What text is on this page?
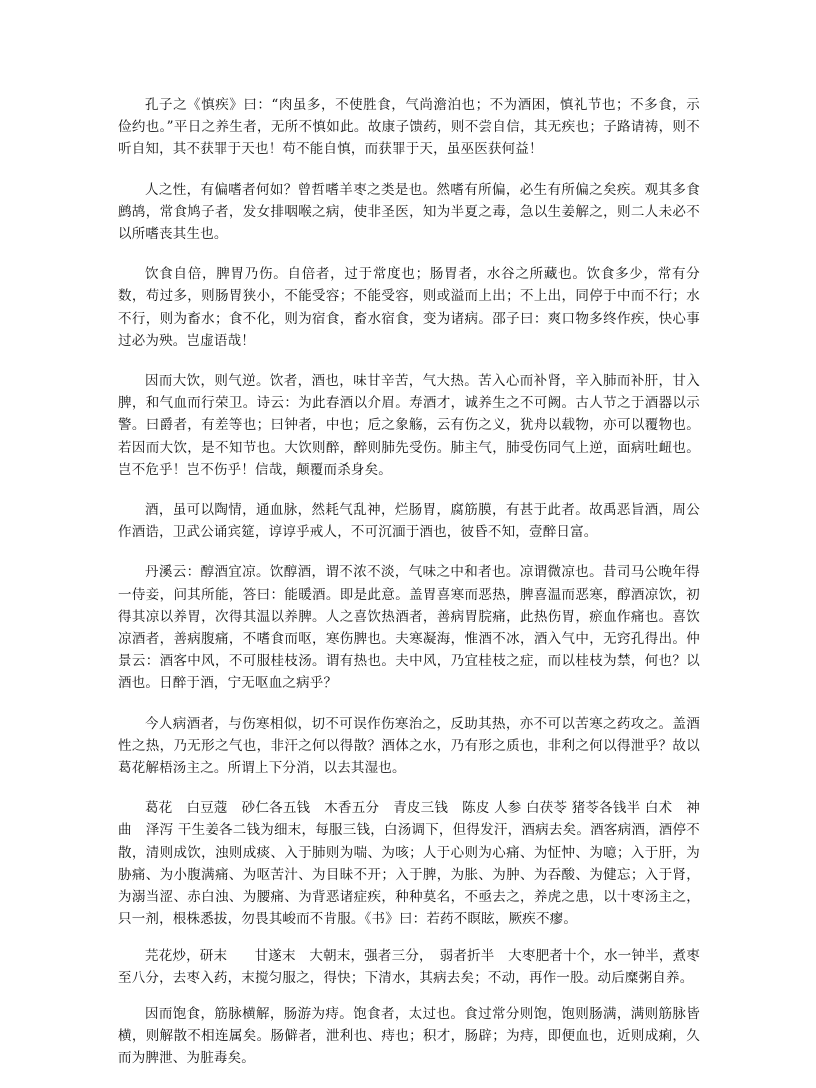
孔子之《慎疾》曰：“肉虽多，不使胜食，气尚澹泊也；不为酒困，慎礼节也；不多食，示俭约也。”平日之养生者，无所不慎如此。故康子馈药，则不尝自信，其无疾也；子路请祷，则不听自知，其不获罪于天也！苟不能自慎，而获罪于天，虽巫医获何益！

人之性，有偏嗜者何如？曾哲嗜羊枣之类是也。然嗜有所偏，必生有所偏之矣疾。观其多食鹧鸪，常食鸠子者，发女排咽喉之病，使非圣医，知为半夏之毒，急以生姜解之，则二人未必不以所嗜丧其生也。

饮食自倍，脾胃乃伤。自倍者，过于常度也；肠胃者，水谷之所藏也。饮食多少，常有分数，苟过多，则肠胃狭小，不能受容；不能受容，则或溢而上出；不上出，同停于中而不行；水不行，则为畜水；食不化，则为宿食，畜水宿食，变为诸病。邵子曰：爽口物多终作疾，快心事过必为殃。岂虚语哉！

因而大饮，则气逆。饮者，酒也，味甘辛苦，气大热。苦入心而补肾，辛入肺而补肝，甘入脾，和气血而行荣卫。诗云：为此春酒以介眉。寿酒才，诚养生之不可阙。古人节之于酒器以示警。曰爵者，有差等也；曰钟者，中也；卮之象觞，云有伤之义，犹舟以载物，亦可以覆物也。若因而大饮，是不知节也。大饮则醉，醉则肺先受伤。肺主气，肺受伤同气上逆，面病吐衄也。岂不危乎！岂不伤乎！信哉，颠覆而杀身矣。

酒，虽可以陶情，通血脉，然耗气乱神，烂肠胃，腐筋膜，有甚于此者。故禹恶旨酒，周公作酒诰，卫武公诵宾筵，谆谆乎戒人，不可沉湎于酒也，彼昏不知，壹醉日富。

丹溪云：醇酒宜凉。饮醇酒，谓不浓不淡，气味之中和者也。凉谓微凉也。昔司马公晚年得一侍妾，问其所能，答曰：能暖酒。即是此意。盖胃喜寒而恶热，脾喜温而恶寒，醇酒凉饮，初得其凉以养胃，次得其温以养脾。人之喜饮热酒者，善病胃脘痛，此热伤胃，瘀血作痛也。喜饮凉酒者，善病腹痛，不嗜食而呕，寒伤脾也。夫寒凝海，惟酒不冰，酒入气中，无窍孔得出。仲景云：酒客中风，不可服桂枝汤。谓有热也。夫中风，乃宜桂枝之症，而以桂枝为禁，何也？以酒也。日醉于酒，宁无呕血之病乎？

今人病酒者，与伤寒相似，切不可误作伤寒治之，反助其热，亦不可以苦寒之药攻之。盖酒性之热，乃无形之气也，非汗之何以得散？酒体之水，乃有形之质也，非利之何以得泄乎？故以葛花解梧汤主之。所谓上下分消，以去其湿也。

葛花 白豆蔻 砂仁各五钱 木香五分 青皮三钱 陈皮 人参 白茯苓 猪苓各钱半 白术 神曲 泽泻 干生姜各二钱为细末，每服三钱，白汤调下，但得发汗，酒病去矣。酒客病酒，酒停不散，清则成饮，浊则成痰、入于肺则为喘、为咳；人于心则为心痛、为怔忡、为噫；入于肝，为胁痛、为小腹满痛、为呕苦汁、为目昧不开；入于脾，为胀、为肿、为吞酸、为健忘；入于肾，为溺当涩、赤白浊、为腰痛、为背恶诸症疾，种种莫名，不亟去之，养虎之患，以十枣汤主之，只一剂，根株悉拔，勿畏其峻而不肯服。《书》曰：若药不瞑眩，厥疾不瘳。

芫花炒，研末　　甘遂末　大朝末，强者三分，　弱者折半　大枣肥者十个，水一钟半，煮枣至八分，去枣入药，末搅匀服之，得快；下清水，其病去矣；不动，再作一股。动后糜粥自养。

因而饱食，筋脉横解，肠游为痔。饱食者，太过也。食过常分则饱，饱则肠满，满则筋脉皆横，则解散不相连属矣。肠僻者，泄利也、痔也；积才，肠辟；为痔，即便血也，近则成痢，久而为脾泄、为脏毒矣。
